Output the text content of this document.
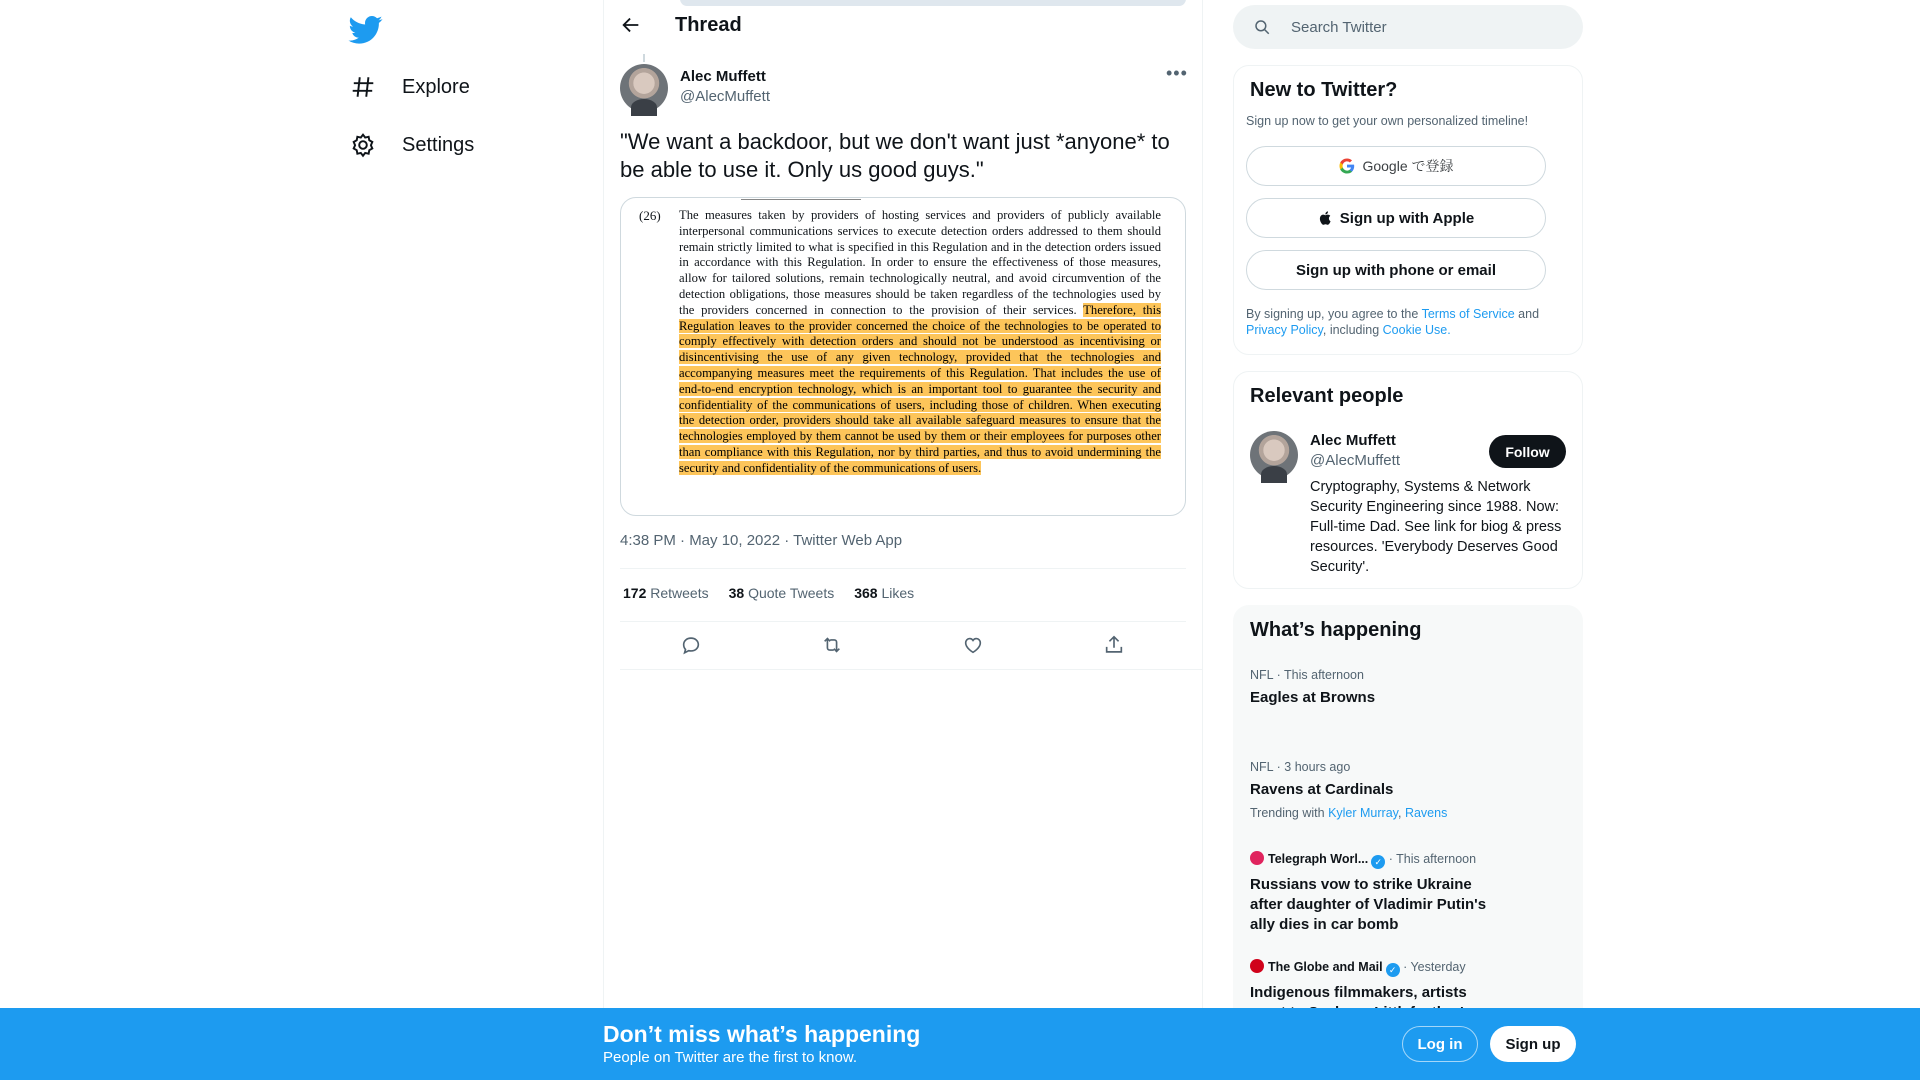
Explore
Settings
Thread
Alec Muffett
@AlecMuffett
•••
"We want a backdoor, but we don't want just *anyone* to be able to use it. Only us good guys."
(26) The measures taken by providers of hosting services and providers of publicly available interpersonal communications services to execute detection orders addressed to them should remain strictly limited to what is specified in this Regulation and in the detection orders issued in accordance with this Regulation. In order to ensure the effectiveness of those measures, allow for tailored solutions, remain technologically neutral, and avoid circumvention of the detection obligations, those measures should be taken regardless of the technologies used by the providers concerned in connection to the provision of their services. Therefore, this Regulation leaves to the provider concerned the choice of the technologies to be operated to comply effectively with detection orders and should not be understood as incentivising or disincentivising the use of any given technology, provided that the technologies and accompanying measures meet the requirements of this Regulation. That includes the use of end-to-end encryption technology, which is an important tool to guarantee the security and confidentiality of the communications of users, including those of children. When executing the detection order, providers should take all available safeguard measures to ensure that the technologies employed by them cannot be used by them or their employees for purposes other than compliance with this Regulation, nor by third parties, and thus to avoid undermining the security and confidentiality of the communications of users.
4:38 PM · May 10, 2022 · Twitter Web App
172 Retweets 38 Quote Tweets 368 Likes
Search Twitter
New to Twitter?
Sign up now to get your own personalized timeline!
Google で登録
Sign up with Apple
Sign up with phone or email
By signing up, you agree to the Terms of Service and Privacy Policy, including Cookie Use.
Relevant people
Alec Muffett
@AlecMuffett
Follow
Cryptography, Systems & Network Security Engineering since 1988. Now: Full-time Dad. See link for biog & press resources. 'Everybody Deserves Good Security'.
What’s happening
NFL · This afternoon
Eagles at Browns
NFL · 3 hours ago
Ravens at Cardinals
Trending with Kyler Murray, Ravens
Telegraph Worl... ✓ · This afternoon
Russians vow to strike Ukraine after daughter of Vladimir Putin's ally dies in car bomb
The Globe and Mail ✓ · Yesterday
Indigenous filmmakers, artists
Don’t miss what’s happening
People on Twitter are the first to know.
Log in	Sign up
